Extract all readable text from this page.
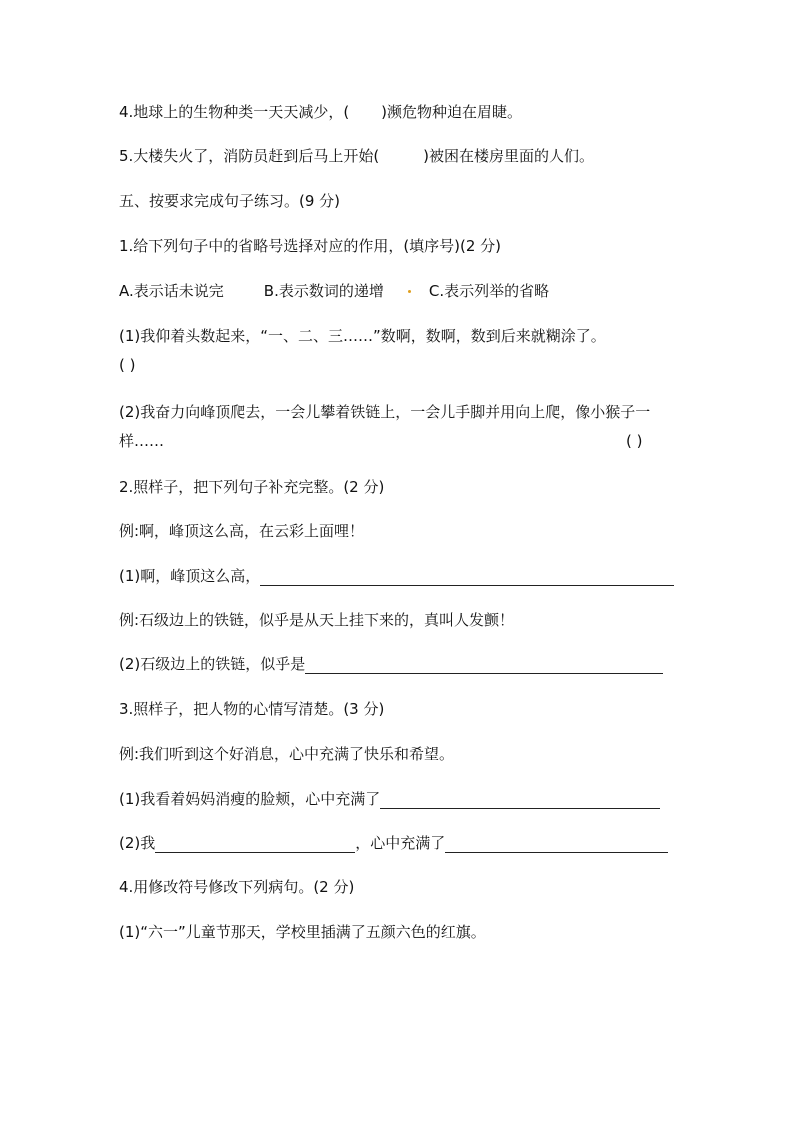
4.地球上的生物种类一天天减少，( )濒危物种迫在眉睫。
5.大楼失火了，消防员赶到后马上开始(	)被困在楼房里面的人们。
五、按要求完成句子练习。(9 分)
1.给下列句子中的省略号选择对应的作用，(填序号)(2 分)
A.表示话未说完	B.表示数词的递增	C.表示列举的省略
(1)我仰着头数起来，“一、二、三……”数啊，数啊，数到后来就糊涂了。
( )
(2)我奋力向峰顶爬去，一会儿攀着铁链上，一会儿手脚并用向上爬，像小猴子一
样……	( )
2.照样子，把下列句子补充完整。(2 分)
例:啊，峰顶这么高，在云彩上面哩！
(1)啊，峰顶这么高，
例:石级边上的铁链，似乎是从天上挂下来的，真叫人发颤！
(2)石级边上的铁链，似乎是
3.照样子，把人物的心情写清楚。(3 分)
例:我们听到这个好消息，心中充满了快乐和希望。
(1)我看着妈妈消瘦的脸颊，心中充满了
(2)我	，心中充满了
4.用修改符号修改下列病句。(2 分)
(1)“六一”儿童节那天，学校里插满了五颜六色的红旗。
